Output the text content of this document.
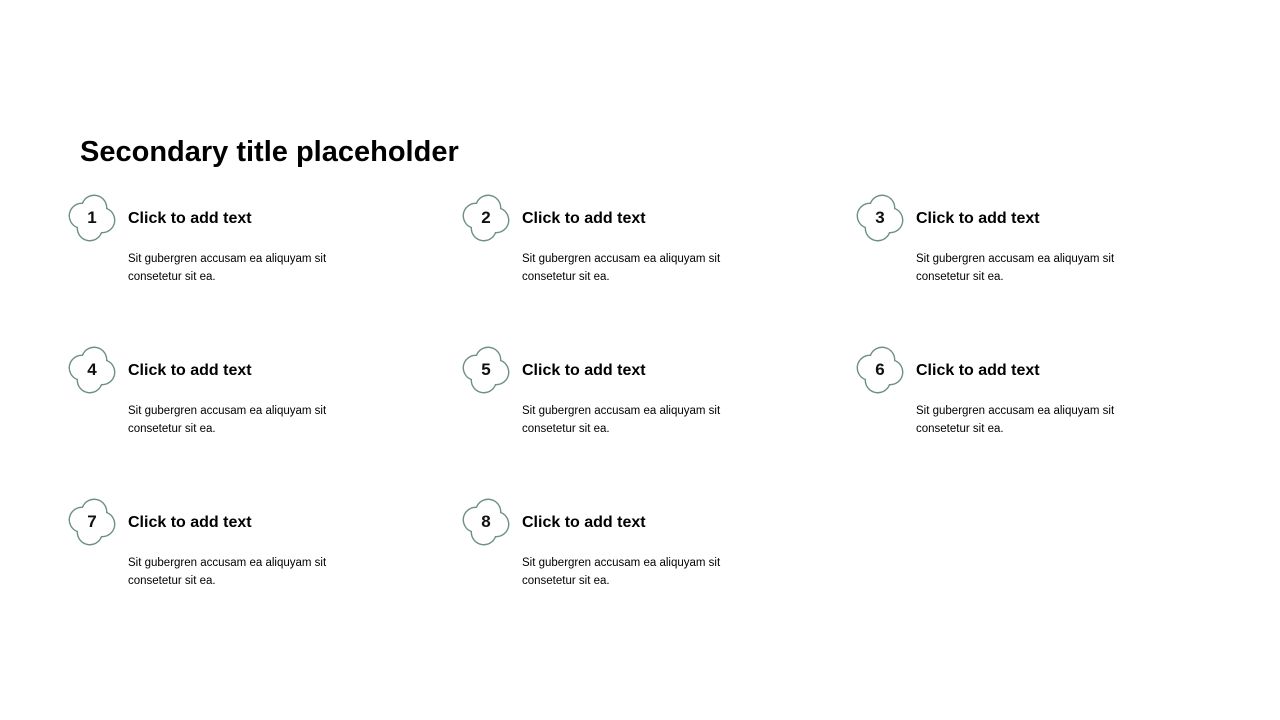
Secondary title placeholder
1	Click to add text

Sit gubergren accusam ea aliquyam sit consetetur sit ea.

2	Click to add text

Sit gubergren accusam ea aliquyam sit consetetur sit ea.

3	Click to add text

Sit gubergren accusam ea aliquyam sit consetetur sit ea.

4	Click to add text

Sit gubergren accusam ea aliquyam sit consetetur sit ea.

5	Click to add text

Sit gubergren accusam ea aliquyam sit consetetur sit ea.

6	Click to add text

Sit gubergren accusam ea aliquyam sit consetetur sit ea.

7	Click to add text

Sit gubergren accusam ea aliquyam sit consetetur sit ea.

8	Click to add text

Sit gubergren accusam ea aliquyam sit consetetur sit ea.
